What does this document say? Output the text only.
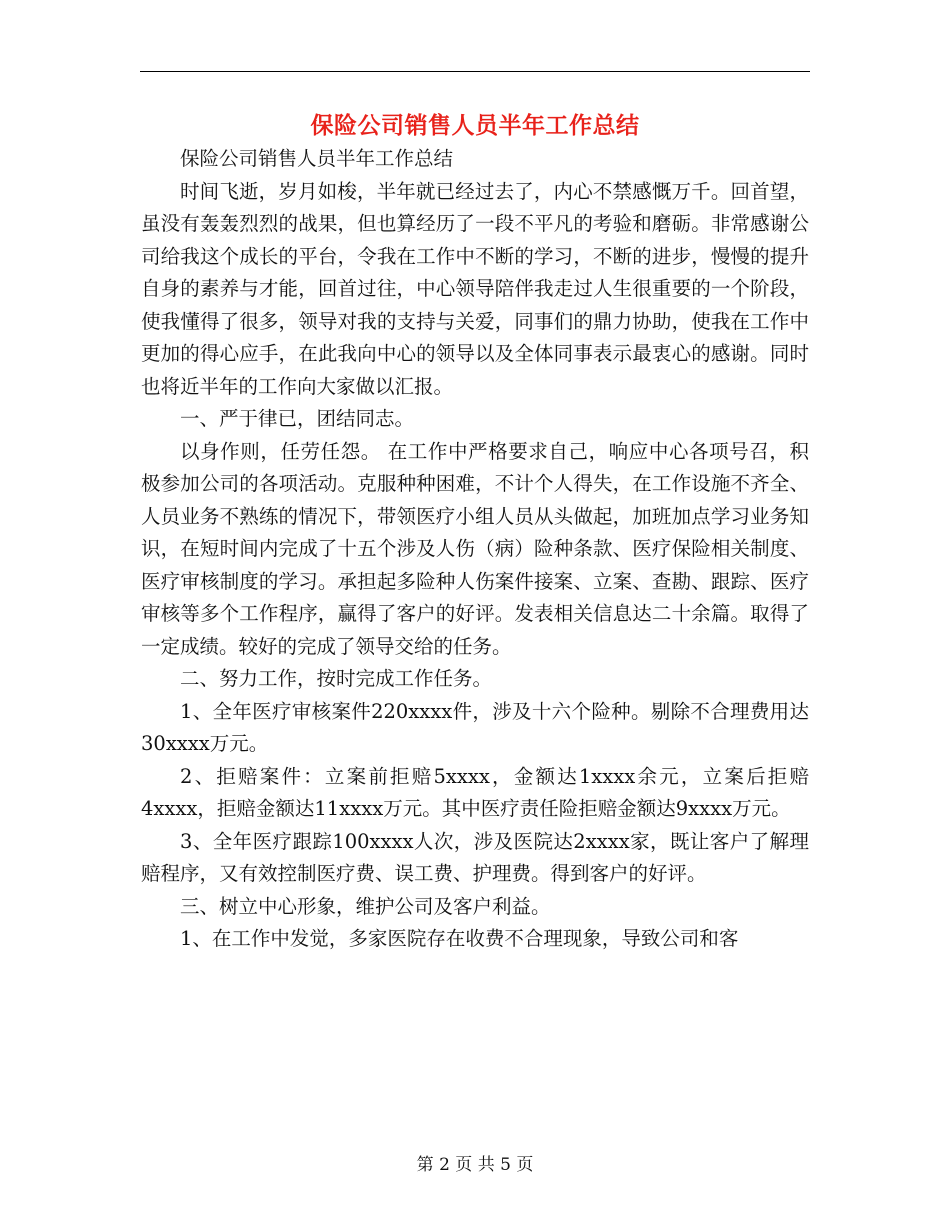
保险公司销售人员半年工作总结

保险公司销售人员半年工作总结

时间飞逝，岁月如梭，半年就已经过去了，内心不禁感慨万千。回首望，虽没有轰轰烈烈的战果，但也算经历了一段不平凡的考验和磨砺。非常感谢公司给我这个成长的平台，令我在工作中不断的学习，不断的进步，慢慢的提升自身的素养与才能，回首过往，中心领导陪伴我走过人生很重要的一个阶段，使我懂得了很多，领导对我的支持与关爱，同事们的鼎力协助，使我在工作中更加的得心应手，在此我向中心的领导以及全体同事表示最衷心的感谢。同时也将近半年的工作向大家做以汇报。

一、严于律已，团结同志。

以身作则，任劳任怨。 在工作中严格要求自己，响应中心各项号召，积极参加公司的各项活动。克服种种困难，不计个人得失，在工作设施不齐全、人员业务不熟练的情况下，带领医疗小组人员从头做起，加班加点学习业务知识，在短时间内完成了十五个涉及人伤（病）险种条款、医疗保险相关制度、医疗审核制度的学习。承担起多险种人伤案件接案、立案、查勘、跟踪、医疗审核等多个工作程序，赢得了客户的好评。发表相关信息达二十余篇。取得了一定成绩。较好的完成了领导交给的任务。

二、努力工作，按时完成工作任务。

1、全年医疗审核案件220xxxx件，涉及十六个险种。剔除不合理费用达30xxxx万元。

2、拒赔案件：立案前拒赔5xxxx，金额达1xxxx余元，立案后拒赔4xxxx，拒赔金额达11xxxx万元。其中医疗责任险拒赔金额达9xxxx万元。

3、全年医疗跟踪100xxxx人次，涉及医院达2xxxx家，既让客户了解理赔程序，又有效控制医疗费、误工费、护理费。得到客户的好评。

三、树立中心形象，维护公司及客户利益。

1、在工作中发觉，多家医院存在收费不合理现象，导致公司和客

第 2 页 共 5 页
